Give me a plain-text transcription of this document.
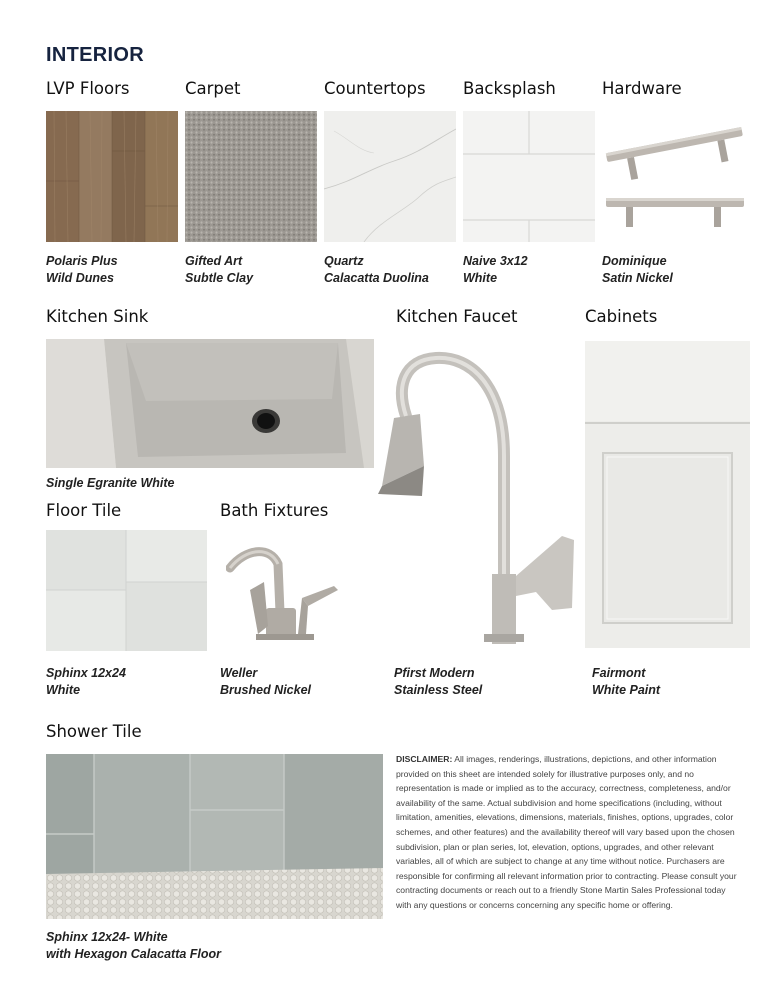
INTERIOR
LVP Floors	Carpet	Countertops Backsplash	Hardware
Polaris Plus
Wild Dunes
Gifted Art
Subtle Clay
Quartz
Calacatta Duolina
Naive 3x12
White
Dominique
Satin Nickel
Kitchen Sink	Kitchen Faucet	Cabinets
Single Egranite White
Floor Tile	Bath Fixtures
Sphinx 12x24
White
Weller
Brushed Nickel
Pfirst Modern
Stainless Steel
Fairmont
White Paint
Shower Tile
Sphinx 12x24- White
with Hexagon Calacatta Floor
DISCLAIMER: All images, renderings, illustrations, depictions, and other information provided on this sheet are intended solely for illustrative purposes only, and no representation is made or implied as to the accuracy, correctness, completeness, and/or availability of the same. Actual subdivision and home specifications (including, without limitation, amenities, elevations, dimensions, materials, finishes, options, upgrades, color schemes, and other features) and the availability thereof will vary based upon the chosen subdivision, plan or plan series, lot, elevation, options, upgrades, and other relevant variables, all of which are subject to change at any time without notice. Purchasers are responsible for confirming all relevant information prior to contracting. Please consult your contracting documents or reach out to a friendly Stone Martin Sales Professional today with any questions or concerns concerning any specific home or offering.
